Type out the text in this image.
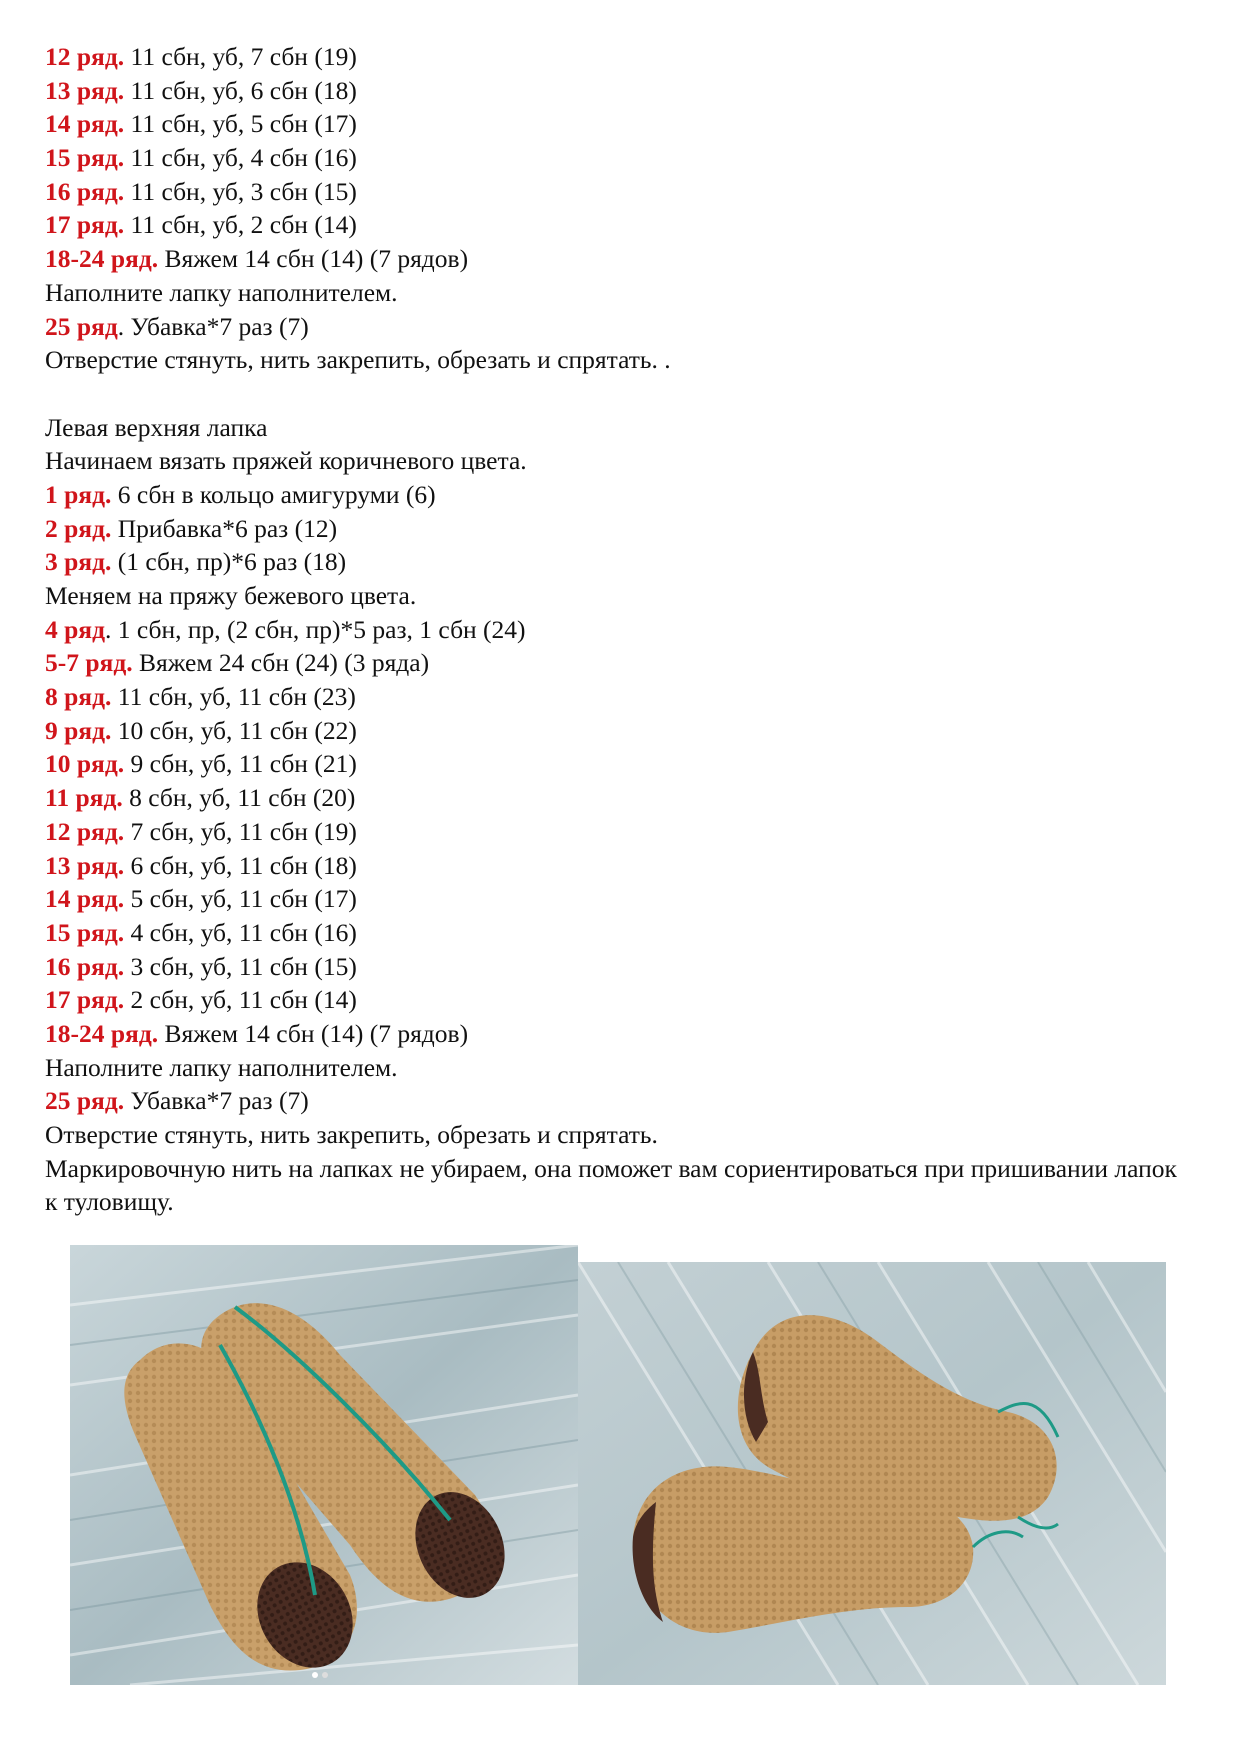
12 ряд. 11 сбн, уб, 7 сбн (19)
13 ряд. 11 сбн, уб, 6 сбн (18)
14 ряд. 11 сбн, уб, 5 сбн (17)
15 ряд. 11 сбн, уб, 4 сбн (16)
16 ряд. 11 сбн, уб, 3 сбн (15)
17 ряд. 11 сбн, уб, 2 сбн (14)
18-24 ряд. Вяжем 14 сбн (14) (7 рядов)
Наполните лапку наполнителем.
25 ряд. Убавка*7 раз (7)
Отверстие стянуть, нить закрепить, обрезать и спрятать. .
Левая верхняя лапка
Начинаем вязать пряжей коричневого цвета.
1 ряд. 6 сбн в кольцо амигуруми (6)
2 ряд. Прибавка*6 раз (12)
3 ряд. (1 сбн, пр)*6 раз (18)
Меняем на пряжу бежевого цвета.
4 ряд. 1 сбн, пр, (2 сбн, пр)*5 раз, 1 сбн (24)
5-7 ряд. Вяжем 24 сбн (24) (3 ряда)
8 ряд. 11 сбн, уб, 11 сбн (23)
9 ряд. 10 сбн, уб, 11 сбн (22)
10 ряд. 9 сбн, уб, 11 сбн (21)
11 ряд. 8 сбн, уб, 11 сбн (20)
12 ряд. 7 сбн, уб, 11 сбн (19)
13 ряд. 6 сбн, уб, 11 сбн (18)
14 ряд. 5 сбн, уб, 11 сбн (17)
15 ряд. 4 сбн, уб, 11 сбн (16)
16 ряд. 3 сбн, уб, 11 сбн (15)
17 ряд. 2 сбн, уб, 11 сбн (14)
18-24 ряд. Вяжем 14 сбн (14) (7 рядов)
Наполните лапку наполнителем.
25 ряд. Убавка*7 раз (7)
Отверстие стянуть, нить закрепить, обрезать и спрятать.
Маркировочную нить на лапках не убираем, она поможет вам сориентироваться при пришивании лапок к туловищу.
